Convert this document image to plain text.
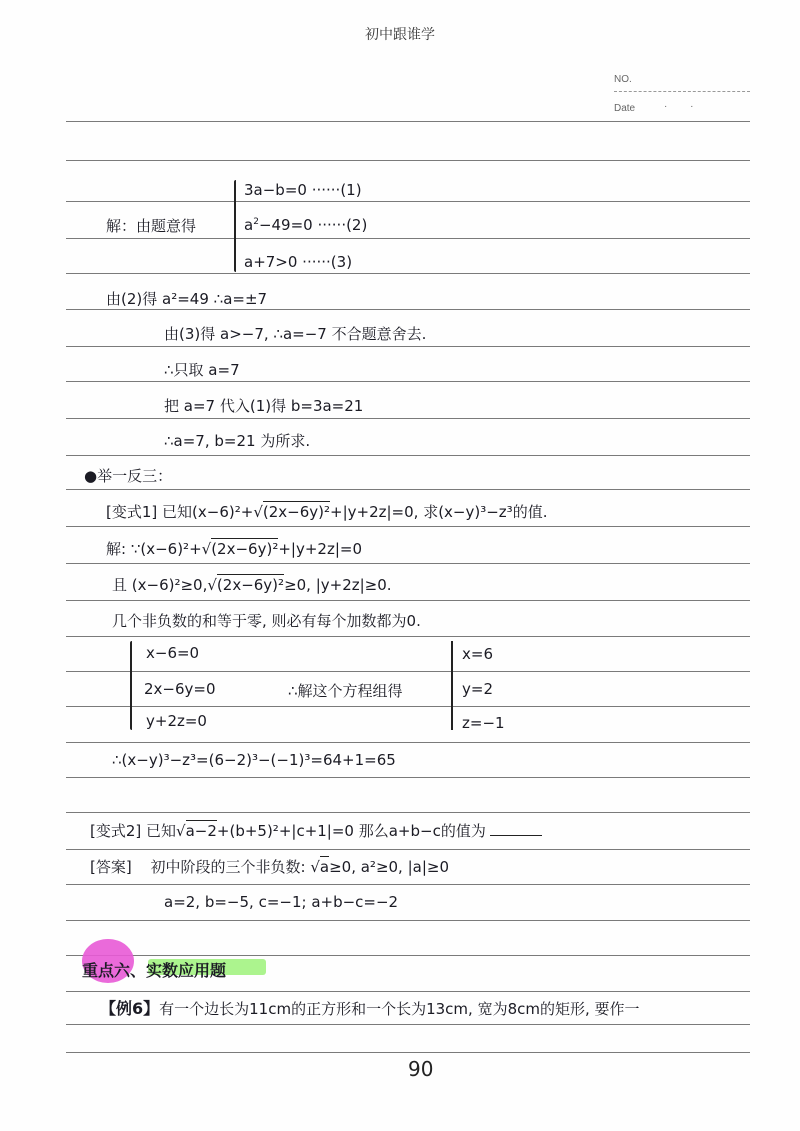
初中跟谁学
NO.
Date	· ·
解：由题意得
3a−b=0 ······(1)
$a^2-49=0 \cdot\cdot\cdot\cdot\cdot\cdot(2)$
a+7>0 ······(3)
由(2)得 a²=49 ∴a=±7
由(3)得 a>−7, ∴a=−7 不合题意舍去.
∴只取 a=7
把 a=7 代入(1)得 b=3a=21
∴a=7, b=21 为所求.
●举一反三：
[变式1] 已知(x−6)²+√(2x−6y)²+|y+2z|=0, 求(x−y)³−z³的值.
解: ∵(x−6)²+√(2x−6y)²+|y+2z|=0
且 (x−6)²≥0,√(2x−6y)²≥0, |y+2z|≥0.
几个非负数的和等于零, 则必有每个加数都为0.
x−6=0
2x−6y=0
y+2z=0
∴解这个方程组得
x=6
y=2
z=−1
∴(x−y)³−z³=(6−2)³−(−1)³=64+1=65
[变式2] 已知√a−2+(b+5)²+|c+1|=0 那么a+b−c的值为
[答案] 初中阶段的三个非负数: √a≥0, a²≥0, |a|≥0
a=2, b=−5, c=−1; a+b−c=−2
重点六、实数应用题
【例6】有一个边长为11cm的正方形和一个长为13cm, 宽为8cm的矩形, 要作一
90
